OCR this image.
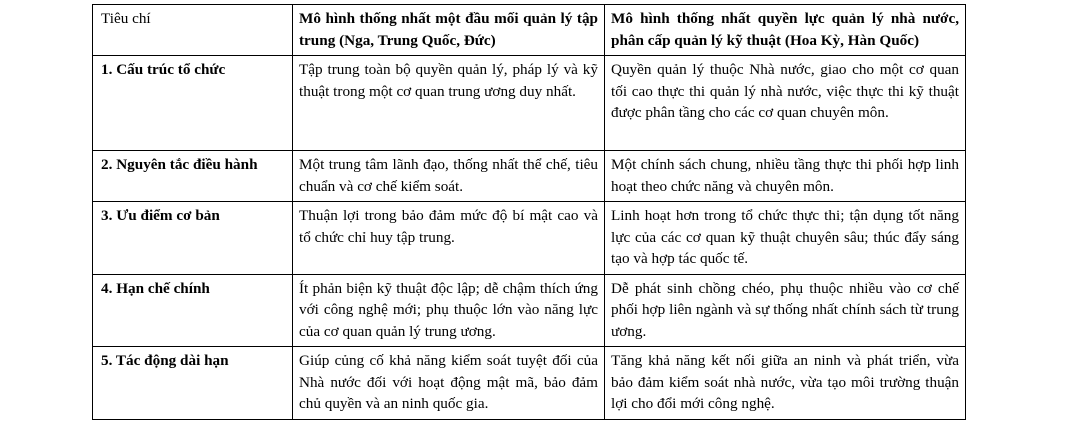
Tiêu chí	Mô hình thống nhất một đầu mối quản lý tập trung (Nga, Trung Quốc, Đức)	Mô hình thống nhất quyền lực quản lý nhà nước, phân cấp quản lý kỹ thuật (Hoa Kỳ, Hàn Quốc)

1. Cấu trúc tổ chức	Tập trung toàn bộ quyền quản lý, pháp lý và kỹ thuật trong một cơ quan trung ương duy nhất.	Quyền quản lý thuộc Nhà nước, giao cho một cơ quan tối cao thực thi quản lý nhà nước, việc thực thi kỹ thuật được phân tầng cho các cơ quan chuyên môn.

2. Nguyên tắc điều hành	Một trung tâm lãnh đạo, thống nhất thể chế, tiêu chuẩn và cơ chế kiểm soát.	Một chính sách chung, nhiều tầng thực thi phối hợp linh hoạt theo chức năng và chuyên môn.

3. Ưu điểm cơ bản	Thuận lợi trong bảo đảm mức độ bí mật cao và tổ chức chỉ huy tập trung.	Linh hoạt hơn trong tổ chức thực thi; tận dụng tốt năng lực của các cơ quan kỹ thuật chuyên sâu; thúc đẩy sáng tạo và hợp tác quốc tế.

4. Hạn chế chính	Ít phản biện kỹ thuật độc lập; dễ chậm thích ứng với công nghệ mới; phụ thuộc lớn vào năng lực của cơ quan quản lý trung ương.	Dễ phát sinh chồng chéo, phụ thuộc nhiều vào cơ chế phối hợp liên ngành và sự thống nhất chính sách từ trung ương.

5. Tác động dài hạn	Giúp củng cố khả năng kiểm soát tuyệt đối của Nhà nước đối với hoạt động mật mã, bảo đảm chủ quyền và an ninh quốc gia.	Tăng khả năng kết nối giữa an ninh và phát triển, vừa bảo đảm kiểm soát nhà nước, vừa tạo môi trường thuận lợi cho đổi mới công nghệ.
